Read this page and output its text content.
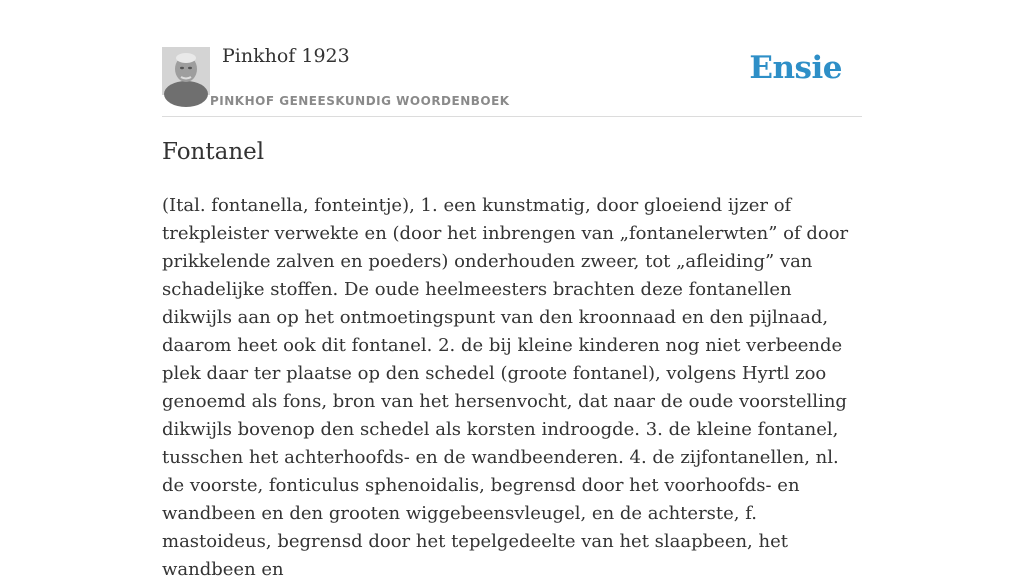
Pinkhof 1923
PINKHOF GENEESKUNDIG WOORDENBOEK
Ensie
Fontanel

(Ital. fontanella, fonteintje), 1. een kunstmatig, door gloeiend ijzer of trekpleister verwekte en (door het inbrengen van „fontanelerwten” of door prikkelende zalven en poeders) onderhouden zweer, tot „afleiding” van schadelijke stoffen. De oude heelmeesters brachten deze fontanellen dikwijls aan op het ontmoetingspunt van den kroonnaad en den pijlnaad, daarom heet ook dit fontanel. 2. de bij kleine kinderen nog niet verbeende plek daar ter plaatse op den schedel (groote fontanel), volgens Hyrtl zoo genoemd als fons, bron van het hersenvocht, dat naar de oude voorstelling dikwijls bovenop den schedel als korsten indroogde. 3. de kleine fontanel, tusschen het achterhoofds- en de wandbeenderen. 4. de zijfontanellen, nl. de voorste, fonticulus sphenoidalis, begrensd door het voorhoofds- en wandbeen en den grooten wiggebeensvleugel, en de achterste, f. mastoideus, begrensd door het tepelgedeelte van het slaapbeen, het wandbeen en
